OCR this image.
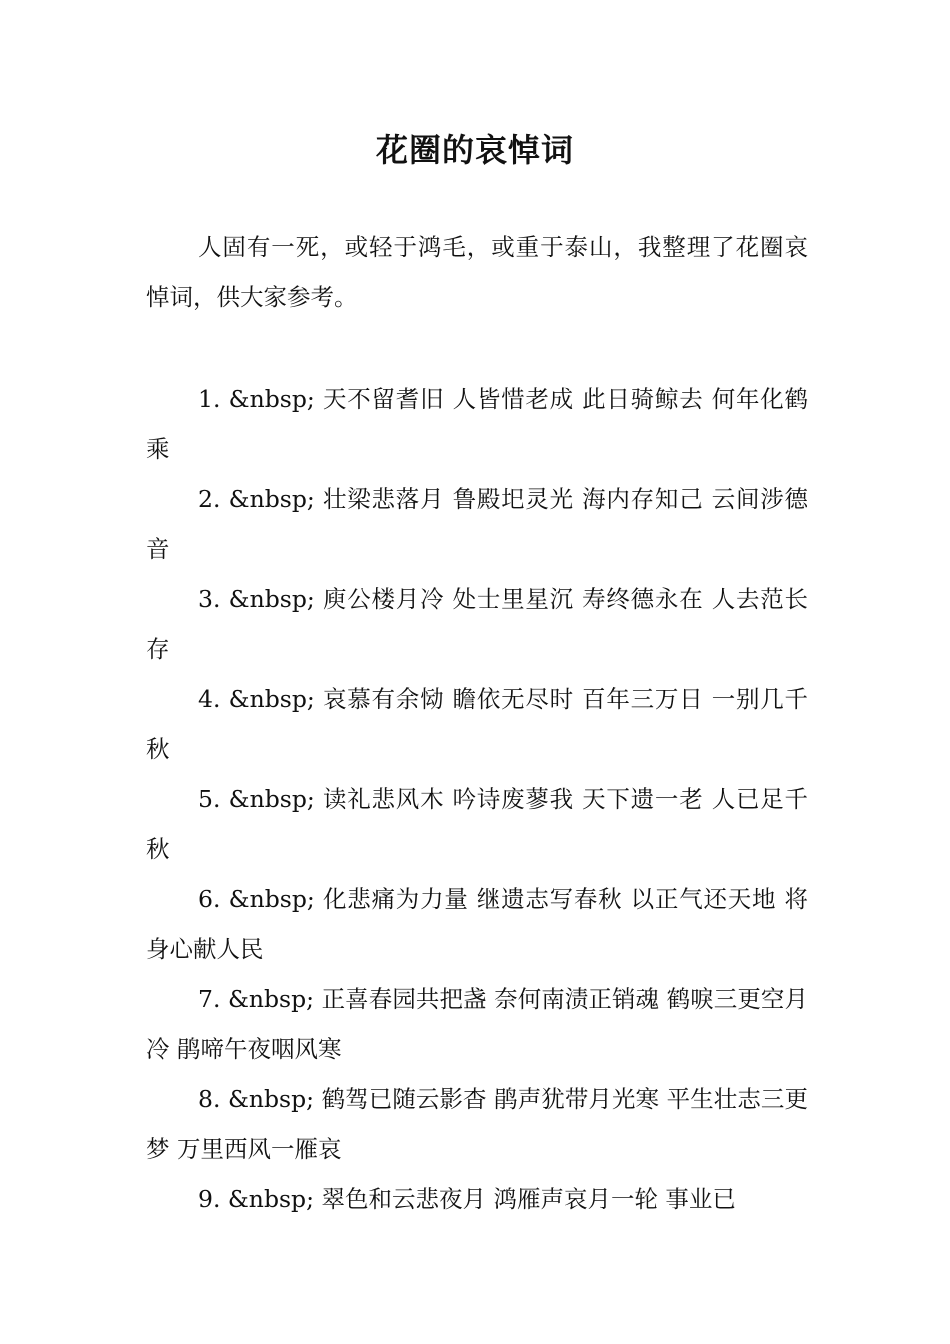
花圈的哀悼词

人固有一死，或轻于鸿毛，或重于泰山，我整理了花圈哀悼词，供大家参考。

1. &nbsp; 天不留耆旧 人皆惜老成 此日骑鲸去 何年化鹤乘
2. &nbsp; 壮梁悲落月 鲁殿圯灵光 海内存知己 云间涉德音
3. &nbsp; 庾公楼月冷 处士里星沉 寿终德永在 人去范长存
4. &nbsp; 哀慕有余恸 瞻依无尽时 百年三万日 一别几千秋
5. &nbsp; 读礼悲风木 吟诗废蓼我 天下遗一老 人已足千秋
6. &nbsp; 化悲痛为力量 继遗志写春秋 以正气还天地 将身心献人民
7. &nbsp; 正喜春园共把盏 奈何南渍正销魂 鹤唳三更空月冷 鹃啼午夜咽风寒
8. &nbsp; 鹤驾已随云影杳 鹃声犹带月光寒 平生壮志三更梦 万里西风一雁哀
9. &nbsp; 翠色和云悲夜月 鸿雁声哀月一轮 事业已
